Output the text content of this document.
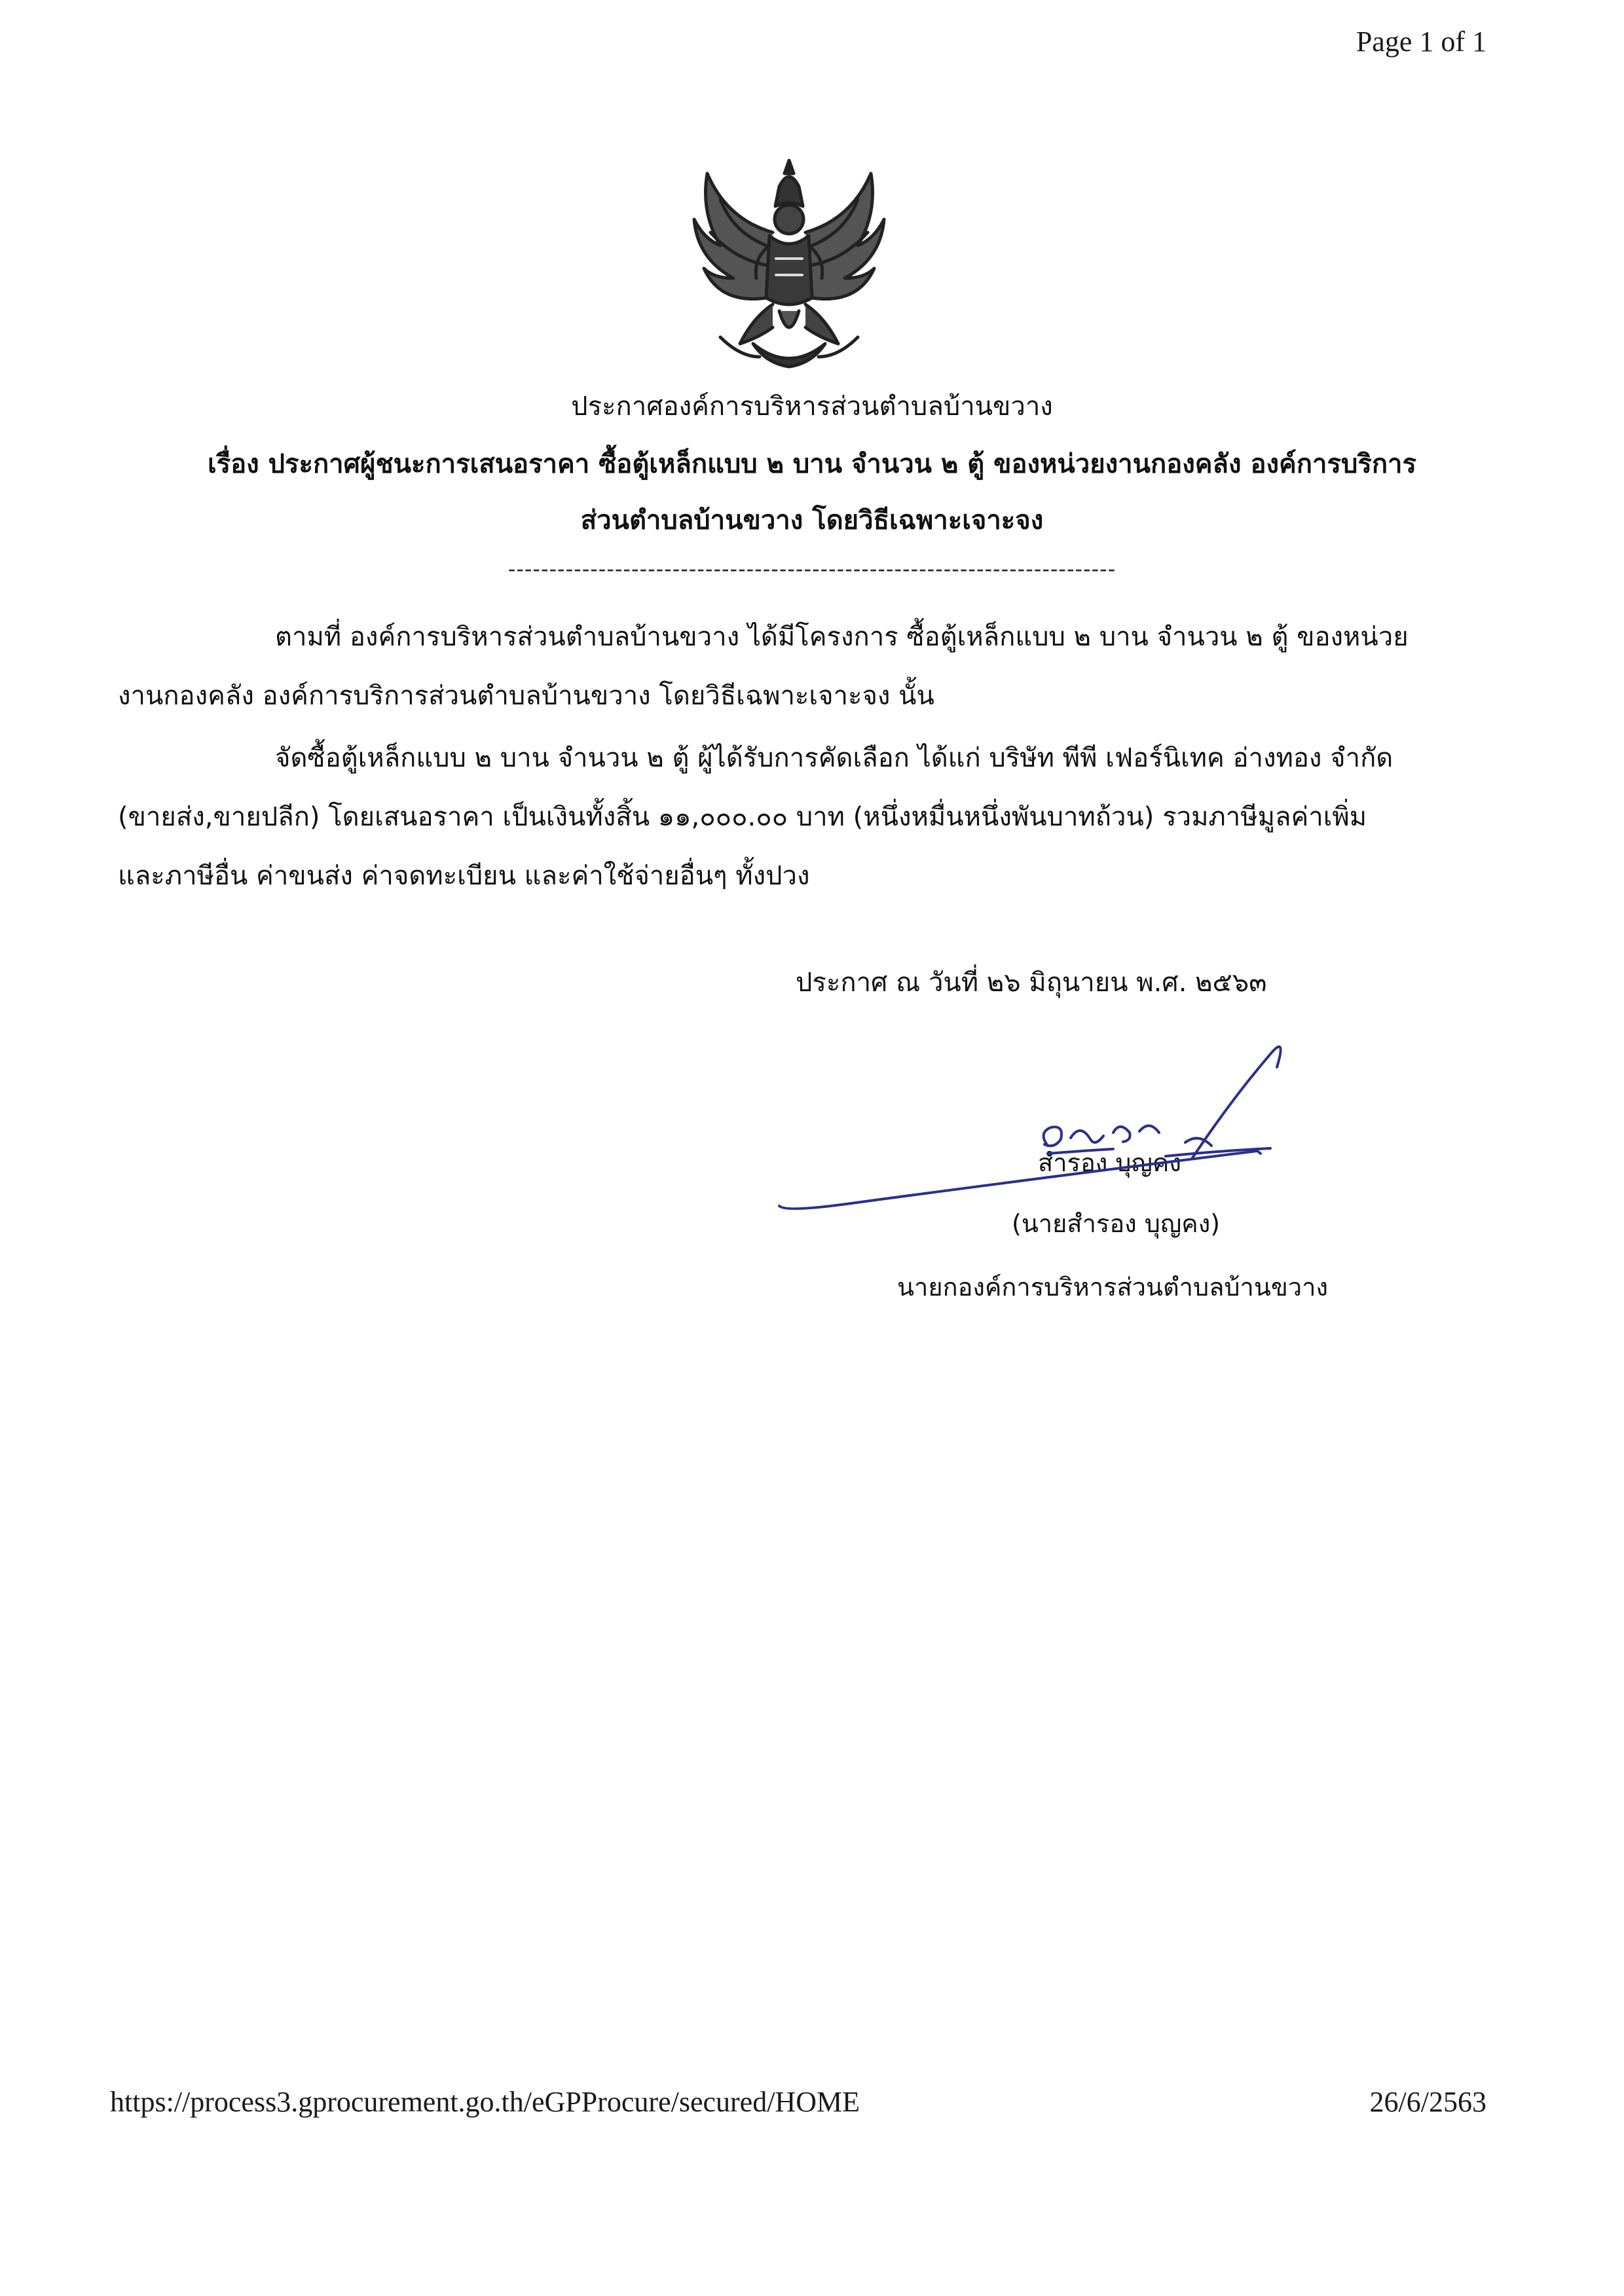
Page 1 of 1
ประกาศองค์การบริหารส่วนตำบลบ้านขวาง
เรื่อง ประกาศผู้ชนะการเสนอราคา ซื้อตู้เหล็กแบบ ๒ บาน จำนวน ๒ ตู้ ของหน่วยงานกองคลัง องค์การบริการ
ส่วนตำบลบ้านขวาง โดยวิธีเฉพาะเจาะจง
--------------------------------------------------------------------------
ตามที่ องค์การบริหารส่วนตำบลบ้านขวาง ได้มีโครงการ ซื้อตู้เหล็กแบบ ๒ บาน จำนวน ๒ ตู้ ของหน่วย
งานกองคลัง องค์การบริการส่วนตำบลบ้านขวาง โดยวิธีเฉพาะเจาะจง นั้น
จัดซื้อตู้เหล็กแบบ ๒ บาน จำนวน ๒ ตู้ ผู้ได้รับการคัดเลือก ได้แก่ บริษัท พีพี เฟอร์นิเทค อ่างทอง จำกัด
(ขายส่ง,ขายปลีก) โดยเสนอราคา เป็นเงินทั้งสิ้น ๑๑,๐๐๐.๐๐ บาท (หนึ่งหมื่นหนึ่งพันบาทถ้วน) รวมภาษีมูลค่าเพิ่ม
และภาษีอื่น ค่าขนส่ง ค่าจดทะเบียน และค่าใช้จ่ายอื่นๆ ทั้งปวง
ประกาศ ณ วันที่ ๒๖ มิถุนายน พ.ศ. ๒๕๖๓
สำรอง บุญคง
(นายสำรอง บุญคง)
นายกองค์การบริหารส่วนตำบลบ้านขวาง
https://process3.gprocurement.go.th/eGPProcure/secured/HOME	26/6/2563
